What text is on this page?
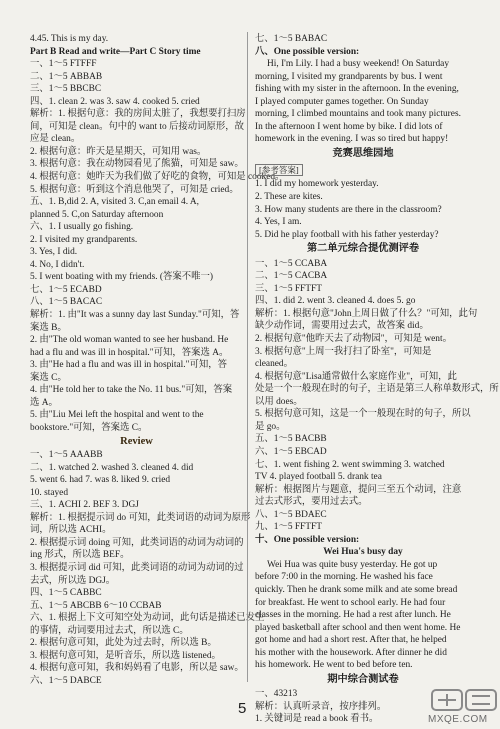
4.45. This is my day.
Part B Read and write—Part C Story time
一、1～5 FTFFF
二、1～5 ABBAB
三、1～5 BBCBC
四、1. clean 2. was 3. saw 4. cooked 5. cried
解析：1. 根据句意：我的房间太脏了，我想要打扫房
间，可知是 clean。句中的 want to 后接动词原形，故
应是 clean。
2. 根据句意：昨天是星期天，可知用 was。
3. 根据句意：我在动物园看见了熊猫，可知是 saw。
4. 根据句意：她昨天为我们做了好吃的食物，可知是 cooked。
5. 根据句意：听到这个消息他哭了，可知是 cried。
五、1. B,did 2. A, visited 3. C,an email 4. A,
planned 5. C,on Saturday afternoon
六、1. I usually go fishing.
2. I visited my grandparents.
3. Yes, I did.
4. No, I didn't.
5. I went boating with my friends. (答案不唯一)
七、1～5 ECABD
八、1～5 BACAC
解析：1. 由"It was a sunny day last Sunday."可知，答
案选 B。
2. 由"The old woman wanted to see her husband. He
had a flu and was ill in hospital."可知，答案选 A。
3. 由"He had a flu and was ill in hospital."可知，答
案选 C。
4. 由"He told her to take the No. 11 bus."可知，答案
选 A。
5. 由"Liu Mei left the hospital and went to the
bookstore."可知，答案选 C。
Review
一、1～5 AAABB
二、1. watched 2. washed 3. cleaned 4. did
5. went 6. had 7. was 8. liked 9. cried
10. stayed
三、1. ACHI 2. BEF 3. DGJ
解析：1. 根据提示词 do 可知，此类词语的动词为原形
词，所以选 ACHI。
2. 根据提示词 doing 可知，此类词语的动词为动词的
ing 形式，所以选 BEF。
3. 根据提示词 did 可知，此类词语的动词为动词的过
去式，所以选 DGJ。
四、1～5 CABBC
五、1～5 ABCBB 6～10 CCBAB
六、1. 根据上下文可知空处为动词，此句话是描述已发生
的事情，动词要用过去式，所以选 C。
2. 根据句意可知，此处为过去时，所以选 B。
3. 根据句意可知，是听音乐，所以选 listened。
4. 根据句意可知，我和妈妈看了电影，所以是 saw。
六、1～5 DABCE
七、1～5 BABAC
八、One possible version:
Hi, I'm Lily. I had a busy weekend! On Saturday
morning, I visited my grandparents by bus. I went
fishing with my sister in the afternoon. In the evening,
I played computer games together. On Sunday
morning, I climbed mountains and took many pictures.
In the afternoon I went home by bike. I did lots of
homework in the evening. I was so tired but happy!
竞赛思维园地
[参考答案]
1. I did my homework yesterday.
2. These are kites.
3. How many students are there in the classroom?
4. Yes, I am.
5. Did he play football with his father yesterday?
第二单元综合提优测评卷
一、1～5 CCABA
二、1～5 CACBA
三、1～5 FFTFT
四、1. did 2. went 3. cleaned 4. does 5. go
解析：1. 根据句意"John上周日做了什么？"可知，此句
缺少动作词，需要用过去式，故答案 did。
2. 根据句意"他昨天去了动物园"，可知是 went。
3. 根据句意"上周一我打扫了卧室"，可知是
cleaned。
4. 根据句意"Lisa通常做什么家庭作业"，可知，此
处是一个一般现在时的句子，主语是第三人称单数形式，所
以用 does。
5. 根据句意可知，这是一个一般现在时的句子，所以
是 go。
五、1～5 BACBB
六、1～5 EBCAD
七、1. went fishing 2. went swimming 3. watched
TV 4. played football 5. drank tea
解析：根据图片与题意，提问三至五个动词，注意
过去式形式，要用过去式。
八、1～5 BDAEC
九、1～5 FFTFT
十、One possible version:
Wei Hua's busy day
Wei Hua was quite busy yesterday. He got up
before 7:00 in the morning. He washed his face
quickly. Then he drank some milk and ate some bread
for breakfast. He went to school early. He had four
classes in the morning. He had a rest after lunch. He
played basketball after school and then went home. He
got home and had a short rest. After that, he helped
his mother with the housework. After dinner he did
his homework. He went to bed before ten.
期中综合测试卷
一、43213
解析：认真听录音，按序排列。
1. 关键词是 read a book 看书。
5
MXQE.COM
